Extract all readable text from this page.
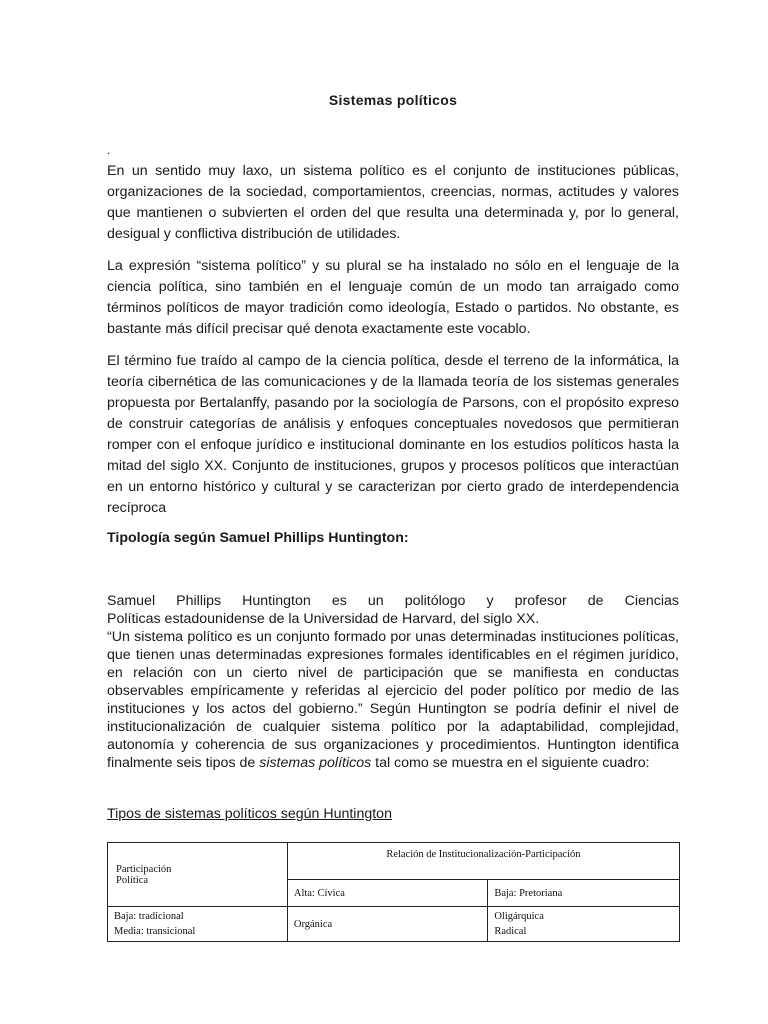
Sistemas políticos
.

En un sentido muy laxo, un sistema político es el conjunto de instituciones públicas, organizaciones de la sociedad, comportamientos, creencias, normas, actitudes y valores que mantienen o subvierten el orden del que resulta una determinada y, por lo general, desigual y conflictiva distribución de utilidades.

La expresión “sistema político” y su plural se ha instalado no sólo en el lenguaje de la ciencia política, sino también en el lenguaje común de un modo tan arraigado como términos políticos de mayor tradición como ideología, Estado o partidos. No obstante, es bastante más difícil precisar qué denota exactamente este vocablo.

El término fue traído al campo de la ciencia política, desde el terreno de la informática, la teoría cibernética de las comunicaciones y de la llamada teoría de los sistemas generales propuesta por Bertalanffy, pasando por la sociología de Parsons, con el propósito expreso de construir categorías de análisis y enfoques conceptuales novedosos que permitieran romper con el enfoque jurídico e institucional dominante en los estudios políticos hasta la mitad del siglo XX. Conjunto de instituciones, grupos y procesos políticos que interactúan en un entorno histórico y cultural y se caracterizan por cierto grado de interdependencia recíproca

Tipología según Samuel Phillips Huntington:
Samuel Phillips Huntington es un politólogo y profesor de Ciencias
Políticas estadounidense de la Universidad de Harvard, del siglo XX.
“Un sistema político es un conjunto formado por unas determinadas instituciones políticas, que tienen unas determinadas expresiones formales identificables en el régimen jurídico, en relación con un cierto nivel de participación que se manifiesta en conductas observables empíricamente y referidas al ejercicio del poder político por medio de las instituciones y los actos del gobierno.” Según Huntington se podría definir el nivel de institucionalización de cualquier sistema político por la adaptabilidad, complejidad, autonomía y coherencia de sus organizaciones y procedimientos. Huntington identifica finalmente seis tipos de sistemas políticos tal como se muestra en el siguiente cuadro:
Tipos de sistemas políticos según Huntington
Participación
Política	Relación de Institucionalización-Participación	
	Alta: Cívica	Baja: Pretoriana
Baja: tradicional
Media: transicional	Orgánica	Oligárquica
Radical
